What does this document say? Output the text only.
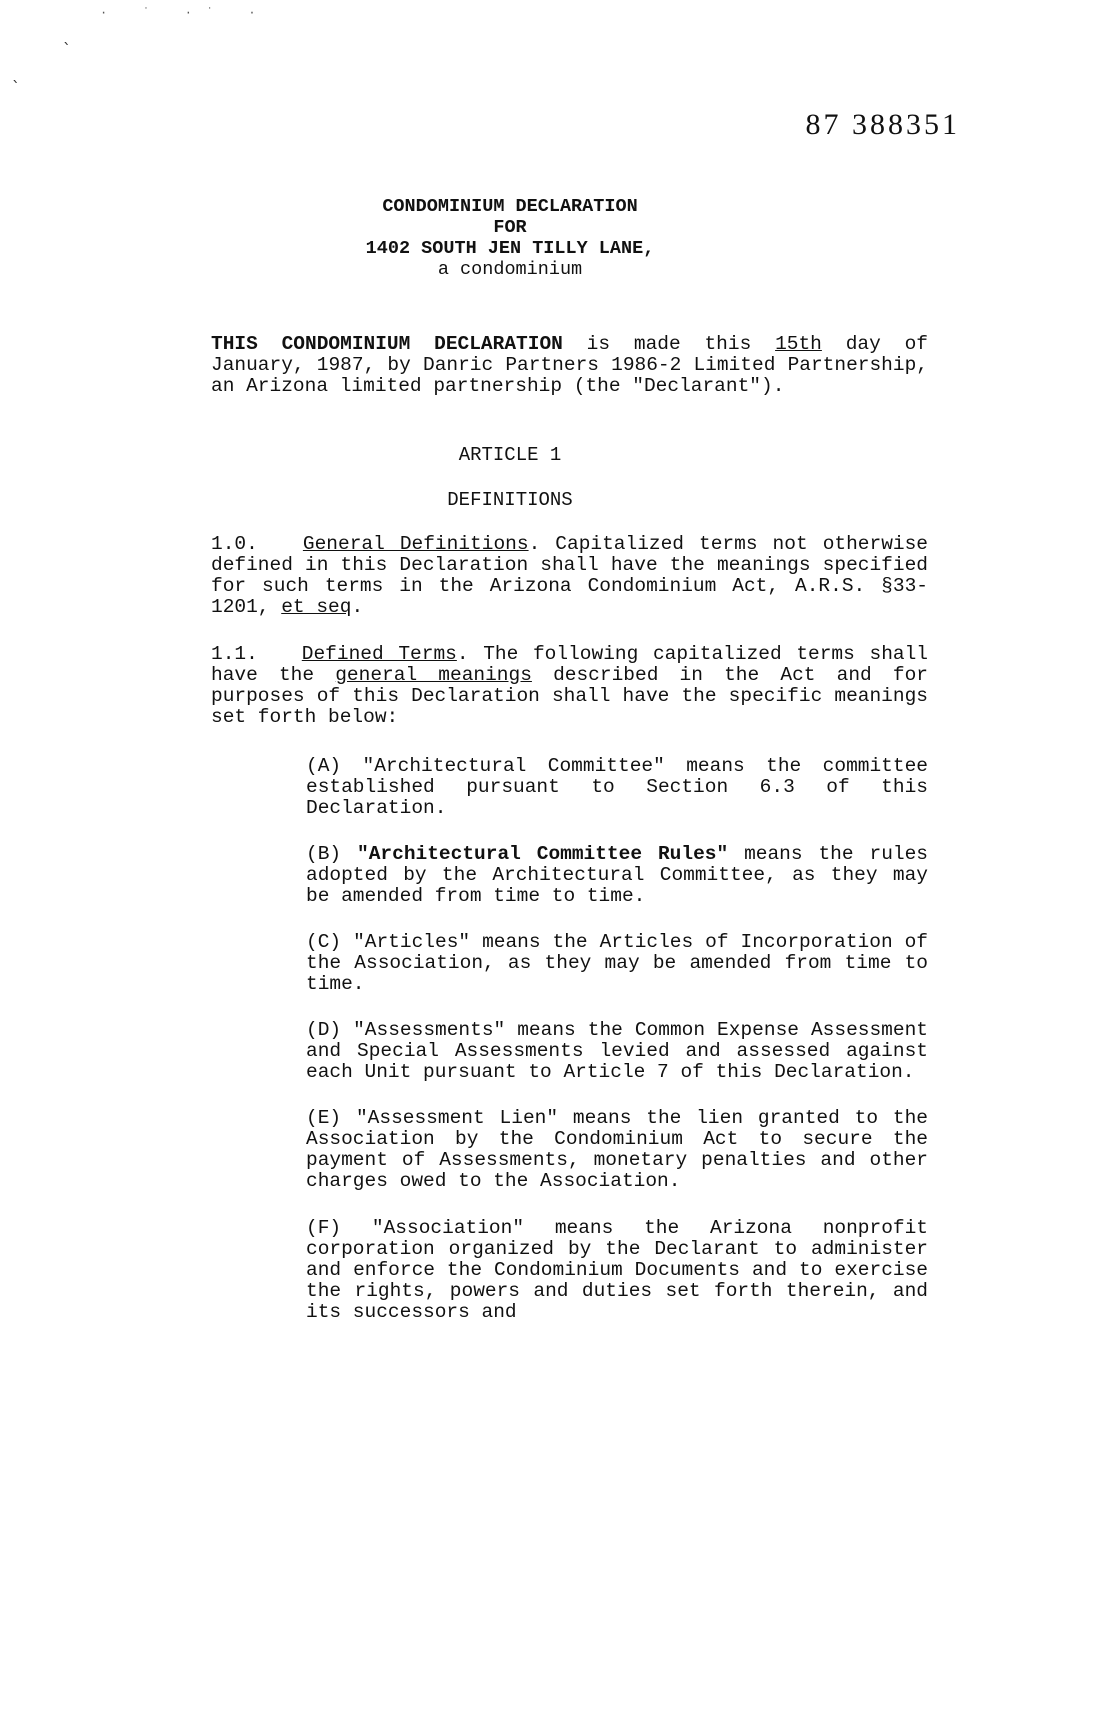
· ˙ ·˙ ·
ˋ
ˋ
87 388351
CONDOMINIUM DECLARATION
FOR
1402 SOUTH JEN TILLY LANE,
a condominium

THIS CONDOMINIUM DECLARATION is made this 15th day of January, 1987, by Danric Partners 1986-2 Limited Partnership, an Arizona limited partnership (the "Declarant").

ARTICLE 1
DEFINITIONS

1.0. General Definitions. Capitalized terms not otherwise defined in this Declaration shall have the meanings specified for such terms in the Arizona Condominium Act, A.R.S. §33-1201, et seq.

1.1. Defined Terms. The following capitalized terms shall have the general meanings described in the Act and for purposes of this Declaration shall have the specific meanings set forth below:

(A) "Architectural Committee" means the committee established pursuant to Section 6.3 of this Declaration.

(B) "Architectural Committee Rules" means the rules adopted by the Architectural Committee, as they may be amended from time to time.

(C) "Articles" means the Articles of Incorporation of the Association, as they may be amended from time to time.

(D) "Assessments" means the Common Expense Assessment and Special Assessments levied and assessed against each Unit pursuant to Article 7 of this Declaration.

(E) "Assessment Lien" means the lien granted to the Association by the Condominium Act to secure the payment of Assessments, monetary penalties and other charges owed to the Association.

(F) "Association" means the Arizona nonprofit corporation organized by the Declarant to administer and enforce the Condominium Documents and to exercise the rights, powers and duties set forth therein, and its successors and
